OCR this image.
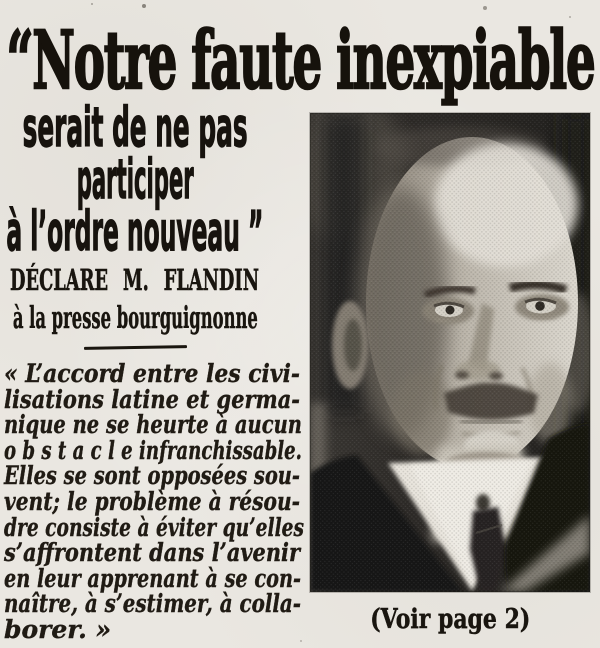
“Notre faute inexpiable
serait de ne pas
participer
à l’ordre nouveau ”
DÉCLARE M. FLANDIN
à la presse bourguignonne
« L’accord entre les civi-
lisations latine et germa-
nique ne se heurte à aucun
o b s t a c l e infranchissable.
Elles se sont opposées sou-
vent; le problème à résou-
dre consiste à éviter qu’elles
s’affrontent dans l’avenir
en leur apprenant à se con-
naître, à s’estimer, à colla-
borer. »	(Voir page 2)
